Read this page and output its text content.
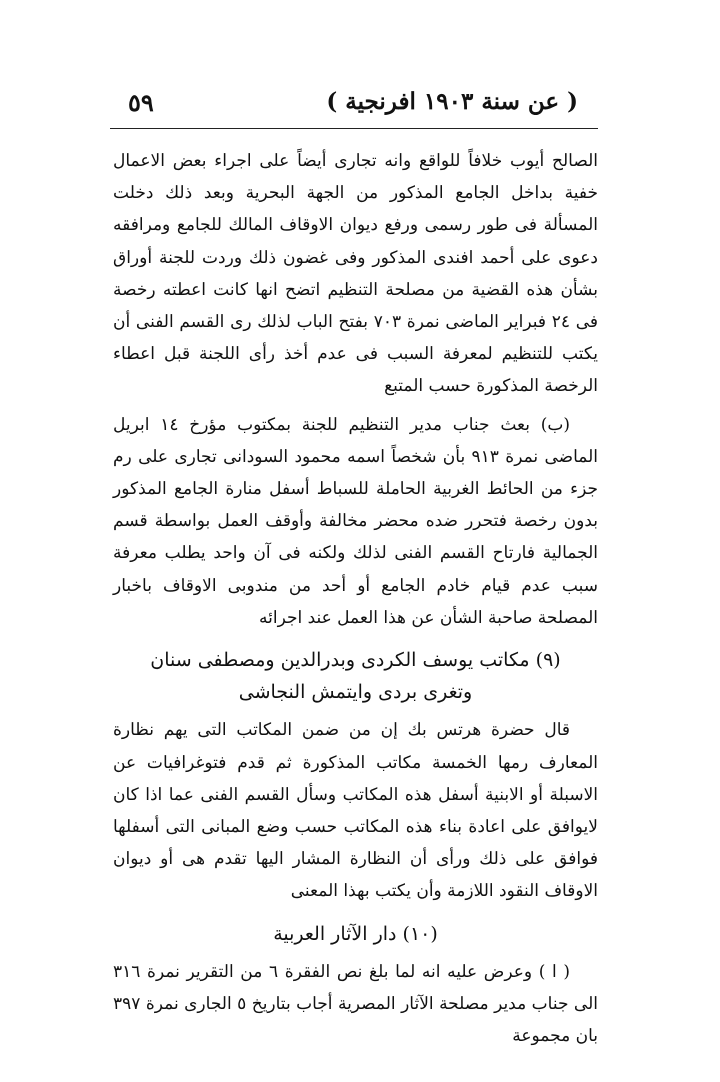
٥٩	( عن سنة ١٩٠٣ افرنجية )

الصالح أيوب خلافاً للواقع وانه تجارى أيضاً على اجراء بعض الاعمال خفية بداخل الجامع المذكور من الجهة البحرية وبعد ذلك دخلت المسألة فى طور رسمى ورفع ديوان الاوقاف المالك للجامع ومرافقه دعوى على أحمد افندى المذكور وفى غضون ذلك وردت للجنة أوراق بشأن هذه القضية من مصلحة التنظيم اتضح انها كانت اعطته رخصة فى ٢٤ فبراير الماضى نمرة ٧٠٣ بفتح الباب لذلك رى القسم الفنى أن يكتب للتنظيم لمعرفة السبب فى عدم أخذ رأى اللجنة قبل اعطاء الرخصة المذكورة حسب المتبع

(ب) بعث جناب مدير التنظيم للجنة بمكتوب مؤرخ ١٤ ابريل الماضى نمرة ٩١٣ بأن شخصاً اسمه محمود السودانى تجارى على رم جزء من الحائط الغربية الحاملة للسباط أسفل منارة الجامع المذكور بدون رخصة فتحرر ضده محضر مخالفة وأوقف العمل بواسطة قسم الجمالية فارتاح القسم الفنى لذلك ولكنه فى آن واحد يطلب معرفة سبب عدم قيام خادم الجامع أو أحد من مندوبى الاوقاف باخبار المصلحة صاحبة الشأن عن هذا العمل عند اجرائه

(٩) مكاتب يوسف الكردى وبدرالدين ومصطفى سنان

وتغرى بردى وايتمش النجاشى

قال حضرة هرتس بك إن من ضمن المكاتب التى يهم نظارة المعارف رمها الخمسة مكاتب المذكورة ثم قدم فتوغرافيات عن الاسبلة أو الابنية أسفل هذه المكاتب وسأل القسم الفنى عما اذا كان لايوافق على اعادة بناء هذه المكاتب حسب وضع المبانى التى أسفلها فوافق على ذلك ورأى أن النظارة المشار اليها تقدم هى أو ديوان الاوقاف النقود اللازمة وأن يكتب بهذا المعنى

(١٠) دار الآثار العربية

( ا ) وعرض عليه انه لما بلغ نص الفقرة ٦ من التقرير نمرة ٣١٦ الى جناب مدير مصلحة الآثار المصرية أجاب بتاريخ ٥ الجارى نمرة ٣٩٧ بان مجموعة
